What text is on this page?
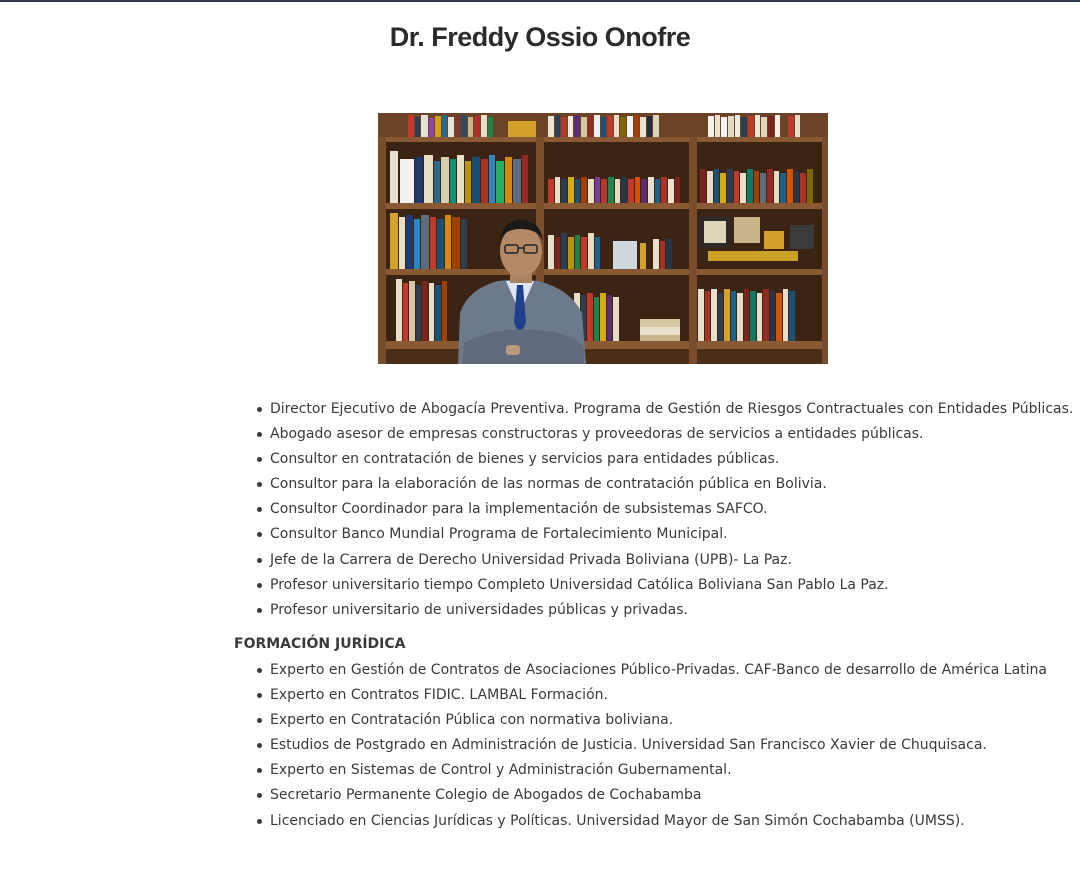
Dr. Freddy Ossio Onofre
Director Ejecutivo de Abogacía Preventiva. Programa de Gestión de Riesgos Contractuales con Entidades Públicas.
Abogado asesor de empresas constructoras y proveedoras de servicios a entidades públicas.
Consultor en contratación de bienes y servicios para entidades públicas.
Consultor para la elaboración de las normas de contratación pública en Bolivia.
Consultor Coordinador para la implementación de subsistemas SAFCO.
Consultor Banco Mundial Programa de Fortalecimiento Municipal.
Jefe de la Carrera de Derecho Universidad Privada Boliviana (UPB)- La Paz.
Profesor universitario tiempo Completo Universidad Católica Boliviana San Pablo La Paz.
Profesor universitario de universidades públicas y privadas.
FORMACIÓN JURÍDICA
Experto en Gestión de Contratos de Asociaciones Público-Privadas. CAF-Banco de desarrollo de América Latina
Experto en Contratos FIDIC. LAMBAL Formación.
Experto en Contratación Pública con normativa boliviana.
Estudios de Postgrado en Administración de Justicia. Universidad San Francisco Xavier de Chuquisaca.
Experto en Sistemas de Control y Administración Gubernamental.
Secretario Permanente Colegio de Abogados de Cochabamba
Licenciado en Ciencias Jurídicas y Políticas. Universidad Mayor de San Simón Cochabamba (UMSS).
